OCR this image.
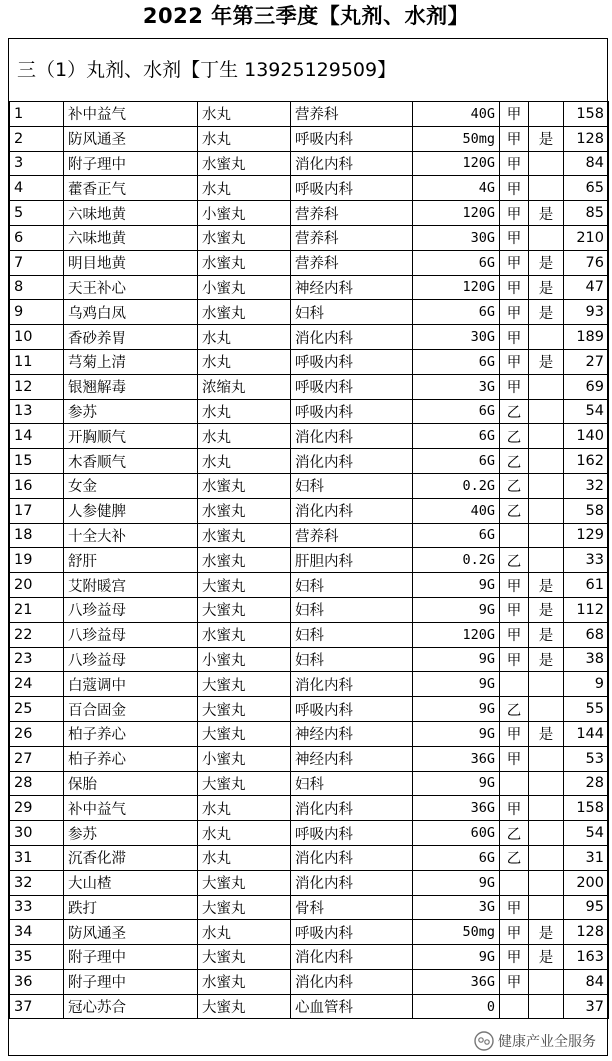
2022 年第三季度【丸剂、水剂】
三（1）丸剂、水剂【丁生 13925129509】
1	补中益气	水丸	营养科	40G	甲		158
2	防风通圣	水丸	呼吸内科	50mg	甲	是	128
3	附子理中	水蜜丸	消化内科	120G	甲		84
4	藿香正气	水丸	呼吸内科	4G	甲		65
5	六味地黄	小蜜丸	营养科	120G	甲	是	85
6	六味地黄	水蜜丸	营养科	30G	甲		210
7	明目地黄	水蜜丸	营养科	6G	甲	是	76
8	天王补心	小蜜丸	神经内科	120G	甲	是	47
9	乌鸡白凤	水蜜丸	妇科	6G	甲	是	93
10	香砂养胃	水丸	消化内科	30G	甲		189
11	芎菊上清	水丸	呼吸内科	6G	甲	是	27
12	银翘解毒	浓缩丸	呼吸内科	3G	甲		69
13	参苏	水丸	呼吸内科	6G	乙		54
14	开胸顺气	水丸	消化内科	6G	乙		140
15	木香顺气	水丸	消化内科	6G	乙		162
16	女金	水蜜丸	妇科	0.2G	乙		32
17	人参健脾	水蜜丸	消化内科	40G	乙		58
18	十全大补	水蜜丸	营养科	6G			129
19	舒肝	水蜜丸	肝胆内科	0.2G	乙		33
20	艾附暖宫	大蜜丸	妇科	9G	甲	是	61
21	八珍益母	大蜜丸	妇科	9G	甲	是	112
22	八珍益母	水蜜丸	妇科	120G	甲	是	68
23	八珍益母	小蜜丸	妇科	9G	甲	是	38
24	白蔻调中	大蜜丸	消化内科	9G			9
25	百合固金	大蜜丸	呼吸内科	9G	乙		55
26	柏子养心	大蜜丸	神经内科	9G	甲	是	144
27	柏子养心	小蜜丸	神经内科	36G	甲		53
28	保胎	大蜜丸	妇科	9G			28
29	补中益气	水丸	消化内科	36G	甲		158
30	参苏	水丸	呼吸内科	60G	乙		54
31	沉香化滞	水丸	消化内科	6G	乙		31
32	大山楂	大蜜丸	消化内科	9G			200
33	跌打	大蜜丸	骨科	3G	甲		95
34	防风通圣	水丸	呼吸内科	50mg	甲	是	128
35	附子理中	大蜜丸	消化内科	9G	甲	是	163
36	附子理中	水蜜丸	消化内科	36G	甲		84
37	冠心苏合	大蜜丸	心血管科	0			37
健康产业全服务
